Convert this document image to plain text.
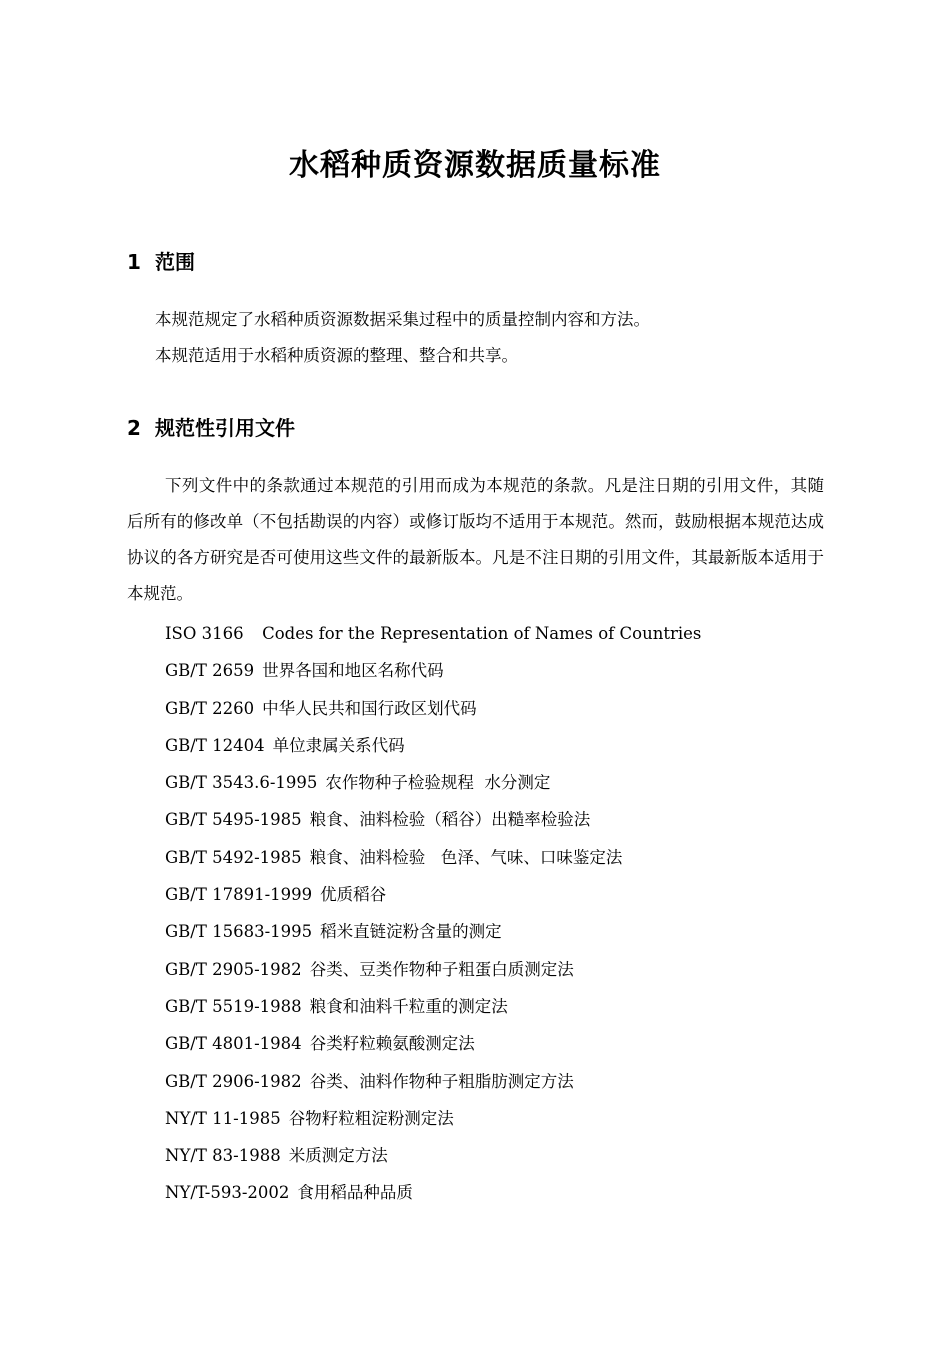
水稻种质资源数据质量标准
1 范围
本规范规定了水稻种质资源数据采集过程中的质量控制内容和方法。
本规范适用于水稻种质资源的整理、整合和共享。
2 规范性引用文件
下列文件中的条款通过本规范的引用而成为本规范的条款。凡是注日期的引用文件，其随后所有的修改单（不包括勘误的内容）或修订版均不适用于本规范。然而，鼓励根据本规范达成协议的各方研究是否可使用这些文件的最新版本。凡是不注日期的引用文件，其最新版本适用于本规范。
ISO 3166  Codes for the Representation of Names of Countries
GB/T 2659 世界各国和地区名称代码
GB/T 2260 中华人民共和国行政区划代码
GB/T 12404 单位隶属关系代码
GB/T 3543.6-1995 农作物种子检验规程  水分测定
GB/T 5495-1985 粮食、油料检验（稻谷）出糙率检验法
GB/T 5492-1985 粮食、油料检验   色泽、气味、口味鉴定法
GB/T 17891-1999 优质稻谷
GB/T 15683-1995 稻米直链淀粉含量的测定
GB/T 2905-1982 谷类、豆类作物种子粗蛋白质测定法
GB/T 5519-1988 粮食和油料千粒重的测定法
GB/T 4801-1984 谷类籽粒赖氨酸测定法
GB/T 2906-1982 谷类、油料作物种子粗脂肪测定方法
NY/T 11-1985 谷物籽粒粗淀粉测定法
NY/T 83-1988 米质测定方法
NY/T-593-2002 食用稻品种品质
